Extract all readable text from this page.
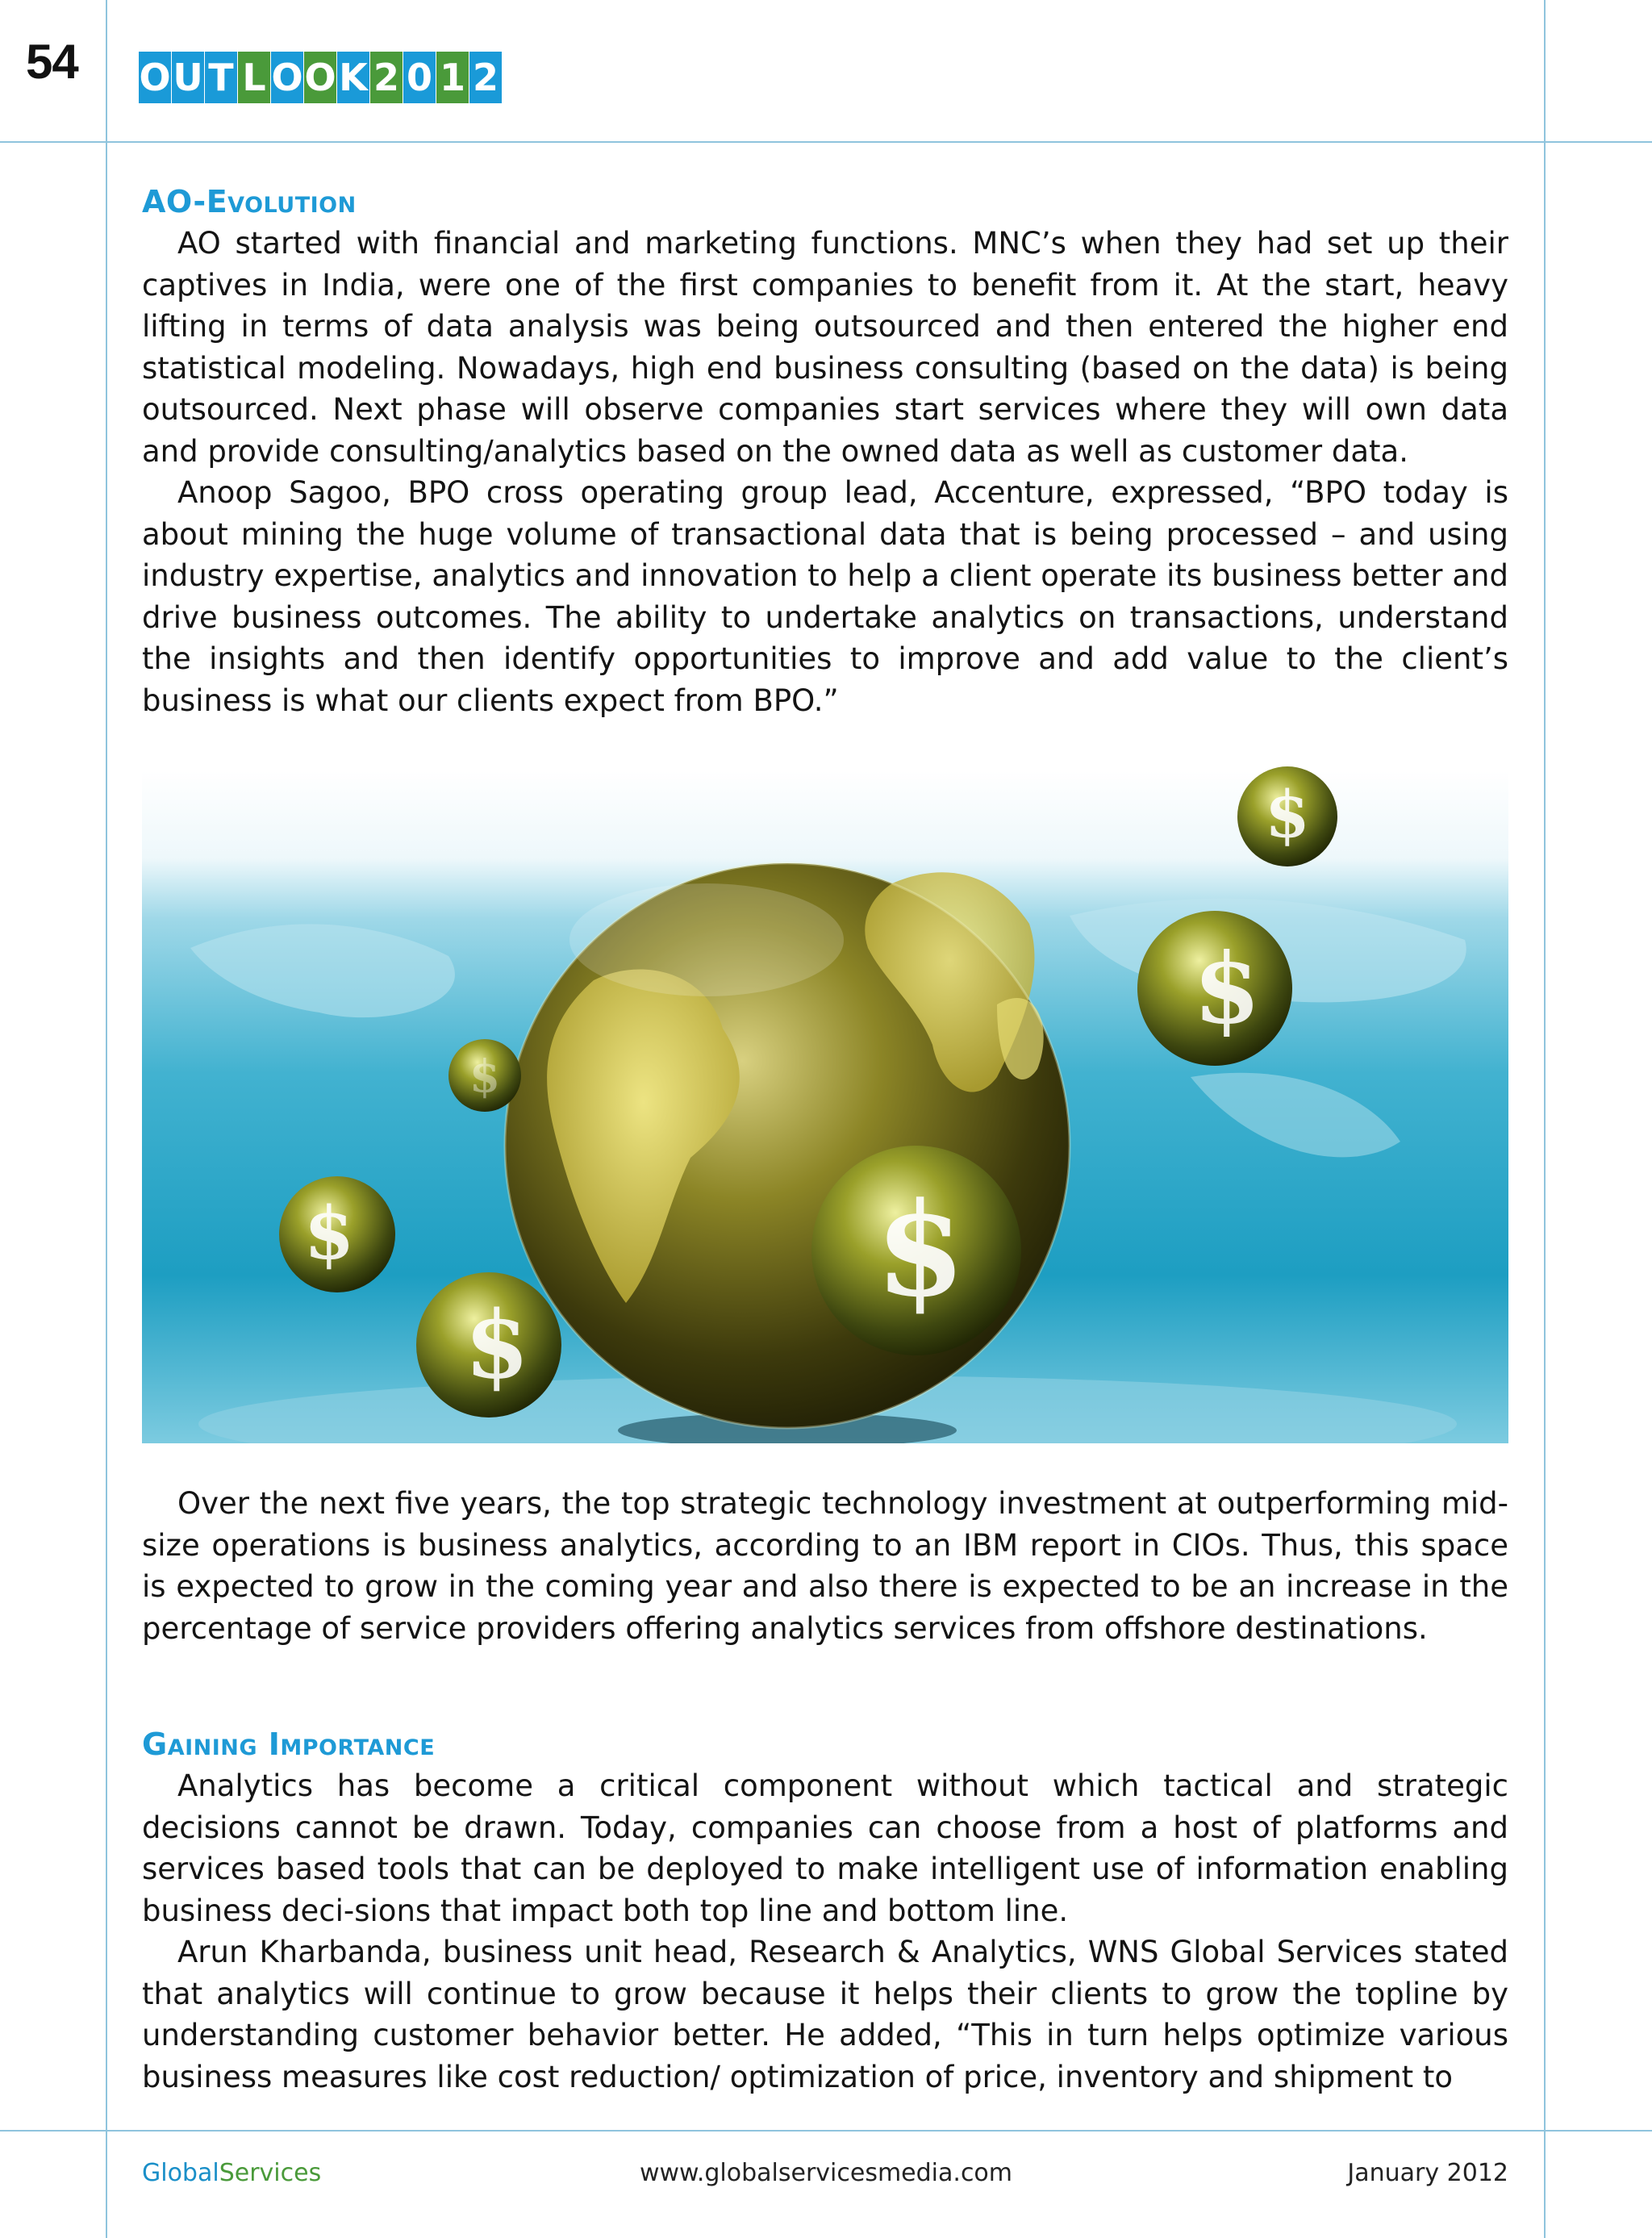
54 O U T L O O K 2 0 1 2
AO-Evolution

AO started with financial and marketing functions. MNC’s when they had set up their captives in India, were one of the first companies to benefit from it. At the start, heavy lifting in terms of data analysis was being outsourced and then entered the higher end statistical modeling. Nowadays, high end business consulting (based on the data) is being outsourced. Next phase will observe companies start services where they will own data and provide consulting/analytics based on the owned data as well as customer data.

Anoop Sagoo, BPO cross operating group lead, Accenture, expressed, “BPO today is about mining the huge volume of transactional data that is being processed – and using industry expertise, analytics and innovation to help a client operate its business better and drive business outcomes. The ability to undertake analytics on transactions, understand the insights and then identify opportunities to improve and add value to the client’s business is what our clients expect from BPO.”

$
$
$
$
$
$

Over the next five years, the top strategic technology investment at outperforming mid-size operations is business analytics, according to an IBM report in CIOs. Thus, this space is expected to grow in the coming year and also there is expected to be an increase in the percentage of service providers offering analytics services from offshore destinations.

Gaining Importance

Analytics has become a critical component without which tactical and strategic decisions cannot be drawn. Today, companies can choose from a host of platforms and services based tools that can be deployed to make intelligent use of information enabling business deci-sions that impact both top line and bottom line.

Arun Kharbanda, business unit head, Research & Analytics, WNS Global Services stated that analytics will continue to grow because it helps their clients to grow the topline by understanding customer behavior better. He added, “This in turn helps optimize various business measures like cost reduction/ optimization of price, inventory and shipment to

GlobalServices	www.globalservicesmedia.com	January 2012
